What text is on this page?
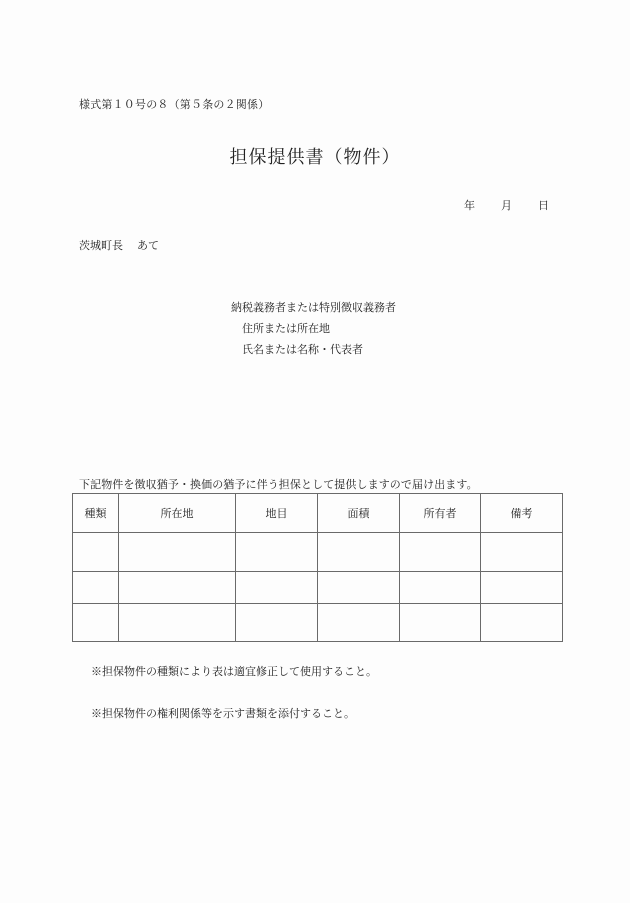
様式第１０号の８（第５条の２関係）
担保提供書（物件）
年 月 日
茨城町長 あて
納税義務者または特別徴収義務者
住所または所在地
氏名または名称・代表者
下記物件を徴収猶予・換価の猶予に伴う担保として提供しますので届け出ます。
種類	所在地	地目	面積	所有者	備考

※担保物件の種類により表は適宜修正して使用すること。
※担保物件の権利関係等を示す書類を添付すること。
